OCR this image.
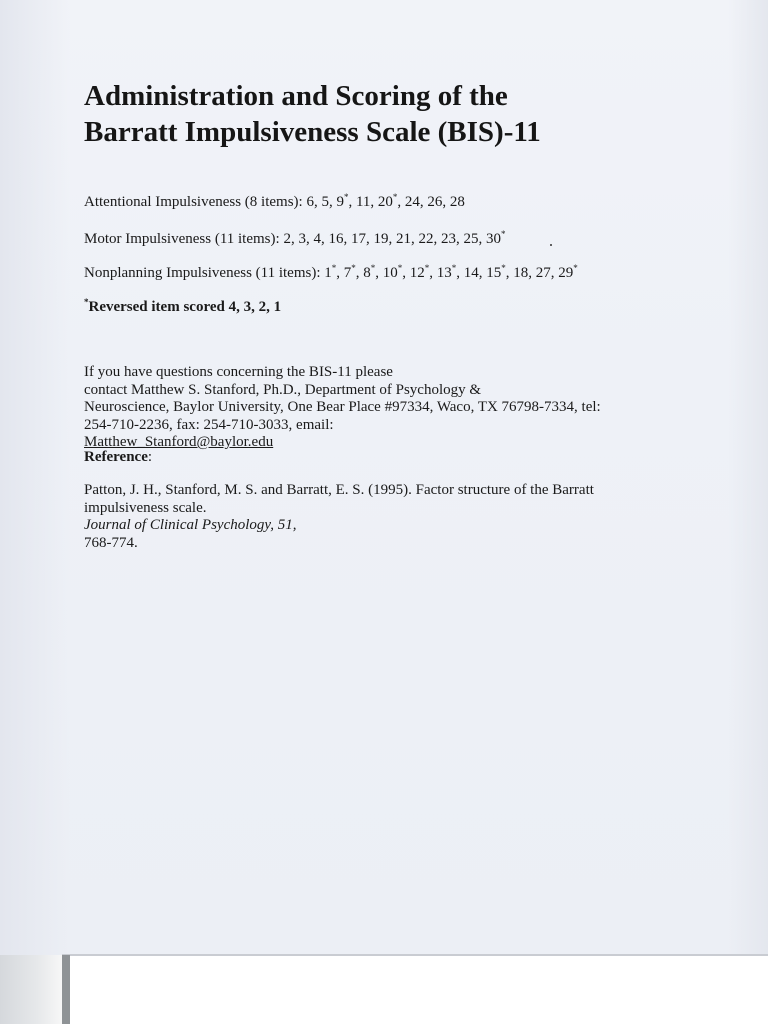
Administration and Scoring of the
Barratt Impulsiveness Scale (BIS)-11

Attentional Impulsiveness (8 items): 6, 5, 9*, 11, 20*, 24, 26, 28

Motor Impulsiveness (11 items): 2, 3, 4, 16, 17, 19, 21, 22, 23, 25, 30*

Nonplanning Impulsiveness (11 items): 1*, 7*, 8*, 10*, 12*, 13*, 14, 15*, 18, 27, 29*

*Reversed item scored 4, 3, 2, 1

If you have questions concerning the BIS-11 please
contact Matthew S. Stanford, Ph.D., Department of Psychology &
Neuroscience, Baylor University, One Bear Place #97334, Waco, TX 76798-7334, tel:
254-710-2236, fax: 254-710-3033, email:
Matthew_Stanford@baylor.edu

Reference:

Patton, J. H., Stanford, M. S. and Barratt, E. S. (1995). Factor structure of the Barratt
impulsiveness scale.
Journal of Clinical Psychology, 51,
768-774.
